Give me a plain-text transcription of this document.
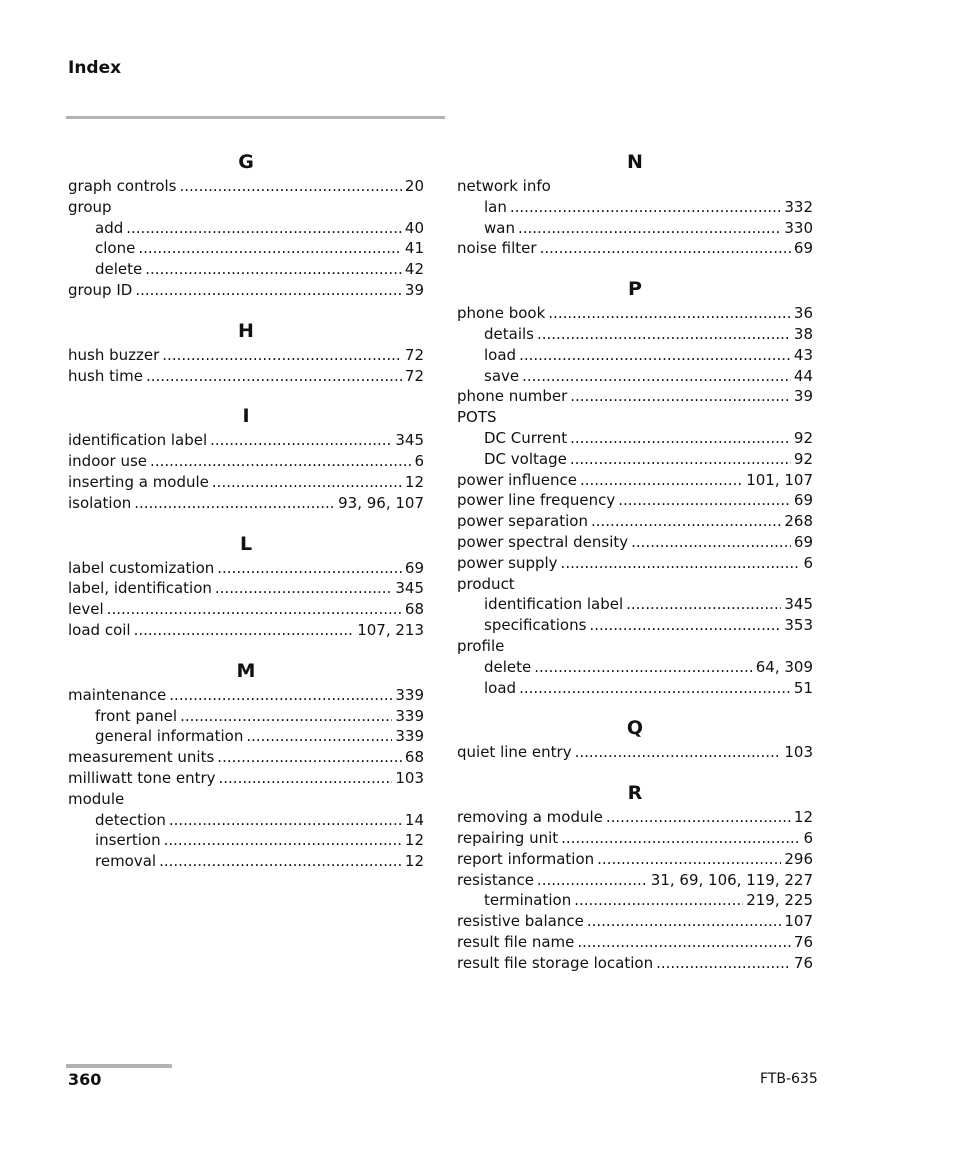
Index
G
graph controls .....	20
group
add .....	40
clone .....	41
delete .....	42
group ID .....	39
H
hush buzzer .....	72
hush time .....	72
I
identification label .....	345
indoor use .....	6
inserting a module .....	12
isolation .....	93, 96, 107
L
label customization .....	69
label, identification .....	345
level .....	68
load coil .....	107, 213
M
maintenance .....	339
front panel .....	339
general information .....	339
measurement units .....	68
milliwatt tone entry .....	103
module
detection .....	14
insertion .....	12
removal .....	12
N
network info
lan .....	332
wan .....	330
noise filter .....	69
P
phone book .....	36
details .....	38
load .....	43
save .....	44
phone number .....	39
POTS
DC Current .....	92
DC voltage .....	92
power influence .....	101, 107
power line frequency .....	69
power separation .....	268
power spectral density .....	69
power supply .....	6
product
identification label .....	345
specifications .....	353
profile
delete .....	64, 309
load .....	51
Q
quiet line entry .....	103
R
removing a module .....	12
repairing unit .....	6
report information .....	296
resistance .....	31, 69, 106, 119, 227
termination .....	219, 225
resistive balance .....	107
result file name .....	76
result file storage location .....	76
360	FTB-635
